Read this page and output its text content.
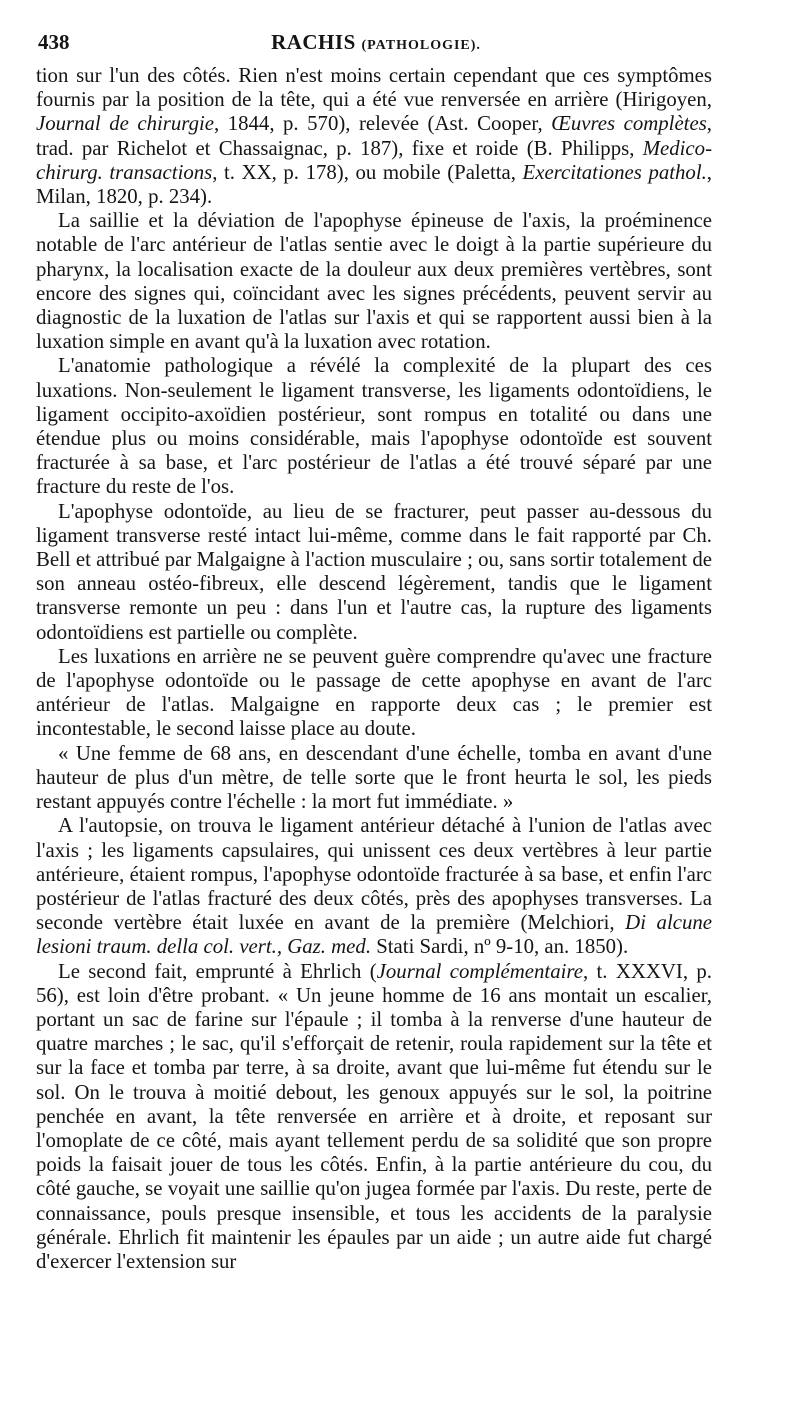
438	RACHIS (PATHOLOGIE).

tion sur l'un des côtés. Rien n'est moins certain cependant que ces symptômes fournis par la position de la tête, qui a été vue renversée en arrière (Hirigoyen, Journal de chirurgie, 1844, p. 570), relevée (Ast. Cooper, Œuvres complètes, trad. par Richelot et Chassaignac, p. 187), fixe et roide (B. Philipps, Medico-chirurg. transactions, t. XX, p. 178), ou mobile (Paletta, Exercitationes pathol., Milan, 1820, p. 234).

La saillie et la déviation de l'apophyse épineuse de l'axis, la proéminence notable de l'arc antérieur de l'atlas sentie avec le doigt à la partie supérieure du pharynx, la localisation exacte de la douleur aux deux premières vertèbres, sont encore des signes qui, coïncidant avec les signes précédents, peuvent servir au diagnostic de la luxation de l'atlas sur l'axis et qui se rapportent aussi bien à la luxation simple en avant qu'à la luxation avec rotation.

L'anatomie pathologique a révélé la complexité de la plupart des ces luxations. Non-seulement le ligament transverse, les ligaments odontoïdiens, le ligament occipito-axoïdien postérieur, sont rompus en totalité ou dans une étendue plus ou moins considérable, mais l'apophyse odontoïde est souvent fracturée à sa base, et l'arc postérieur de l'atlas a été trouvé séparé par une fracture du reste de l'os.

L'apophyse odontoïde, au lieu de se fracturer, peut passer au-dessous du ligament transverse resté intact lui-même, comme dans le fait rapporté par Ch. Bell et attribué par Malgaigne à l'action musculaire ; ou, sans sortir totalement de son anneau ostéo-fibreux, elle descend légèrement, tandis que le ligament transverse remonte un peu : dans l'un et l'autre cas, la rupture des ligaments odontoïdiens est partielle ou complète.

Les luxations en arrière ne se peuvent guère comprendre qu'avec une fracture de l'apophyse odontoïde ou le passage de cette apophyse en avant de l'arc antérieur de l'atlas. Malgaigne en rapporte deux cas ; le premier est incontestable, le second laisse place au doute.

« Une femme de 68 ans, en descendant d'une échelle, tomba en avant d'une hauteur de plus d'un mètre, de telle sorte que le front heurta le sol, les pieds restant appuyés contre l'échelle : la mort fut immédiate. »

A l'autopsie, on trouva le ligament antérieur détaché à l'union de l'atlas avec l'axis ; les ligaments capsulaires, qui unissent ces deux vertèbres à leur partie antérieure, étaient rompus, l'apophyse odontoïde fracturée à sa base, et enfin l'arc postérieur de l'atlas fracturé des deux côtés, près des apophyses transverses. La seconde vertèbre était luxée en avant de la première (Melchiori, Di alcune lesioni traum. della col. vert., Gaz. med. Stati Sardi, nº 9-10, an. 1850).

Le second fait, emprunté à Ehrlich (Journal complémentaire, t. XXXVI, p. 56), est loin d'être probant. « Un jeune homme de 16 ans montait un escalier, portant un sac de farine sur l'épaule ; il tomba à la renverse d'une hauteur de quatre marches ; le sac, qu'il s'efforçait de retenir, roula rapidement sur la tête et sur la face et tomba par terre, à sa droite, avant que lui-même fut étendu sur le sol. On le trouva à moitié debout, les genoux appuyés sur le sol, la poitrine penchée en avant, la tête renversée en arrière et à droite, et reposant sur l'omoplate de ce côté, mais ayant tellement perdu de sa solidité que son propre poids la faisait jouer de tous les côtés. Enfin, à la partie antérieure du cou, du côté gauche, se voyait une saillie qu'on jugea formée par l'axis. Du reste, perte de connaissance, pouls presque insensible, et tous les accidents de la paralysie générale. Ehrlich fit maintenir les épaules par un aide ; un autre aide fut chargé d'exercer l'extension sur
